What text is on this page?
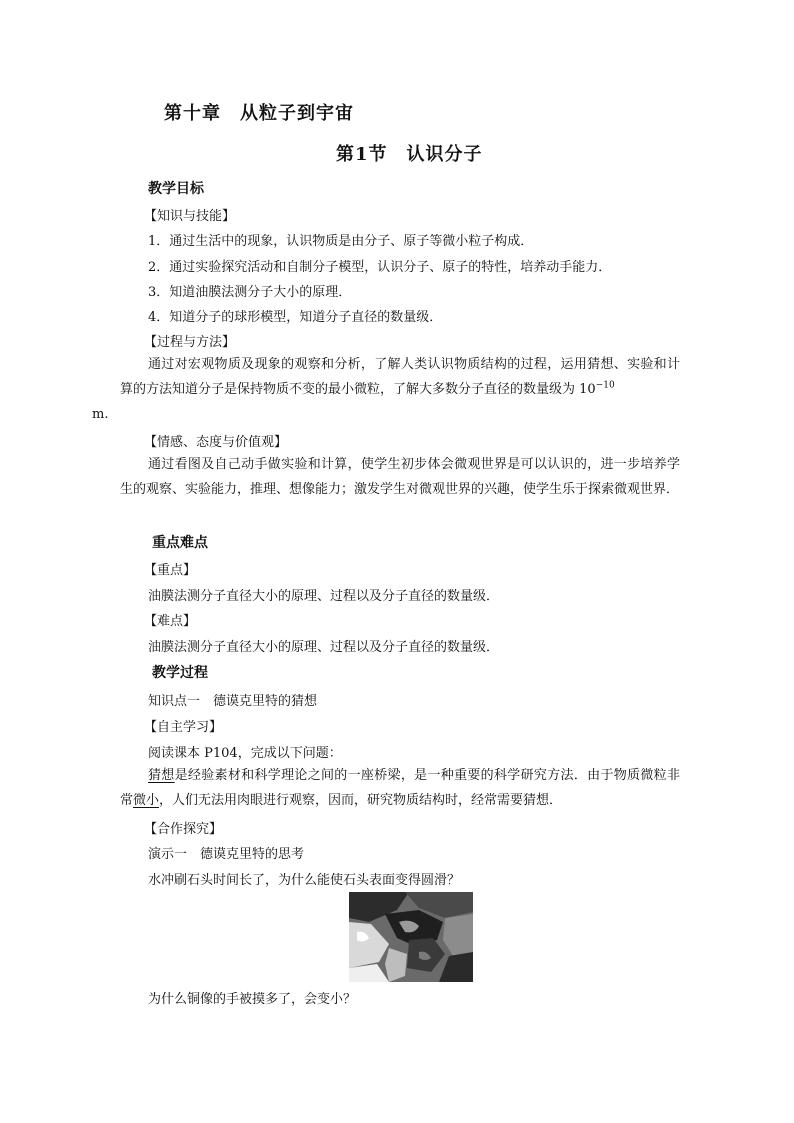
第十章　从粒子到宇宙
第1节　认识分子
教学目标
【知识与技能】
1．通过生活中的现象，认识物质是由分子、原子等微小粒子构成．
2．通过实验探究活动和自制分子模型，认识分子、原子的特性，培养动手能力．
3．知道油膜法测分子大小的原理．
4．知道分子的球形模型，知道分子直径的数量级．
【过程与方法】
通过对宏观物质及现象的观察和分析，了解人类认识物质结构的过程，运用猜想、实验和计算的方法知道分子是保持物质不变的最小微粒，了解大多数分子直径的数量级为 $10^{-10}$
m.
【情感、态度与价值观】
通过看图及自己动手做实验和计算，使学生初步体会微观世界是可以认识的，进一步培养学生的观察、实验能力，推理、想像能力；激发学生对微观世界的兴趣，使学生乐于探索微观世界．
重点难点
【重点】
油膜法测分子直径大小的原理、过程以及分子直径的数量级．
【难点】
油膜法测分子直径大小的原理、过程以及分子直径的数量级．
教学过程
知识点一　德谟克里特的猜想
【自主学习】
阅读课本 P104，完成以下问题：
猜想是经验素材和科学理论之间的一座桥梁，是一种重要的科学研究方法．由于物质微粒非常微小，人们无法用肉眼进行观察，因而，研究物质结构时，经常需要猜想．
【合作探究】
演示一　德谟克里特的思考
水冲刷石头时间长了，为什么能使石头表面变得圆滑？
为什么铜像的手被摸多了，会变小？
